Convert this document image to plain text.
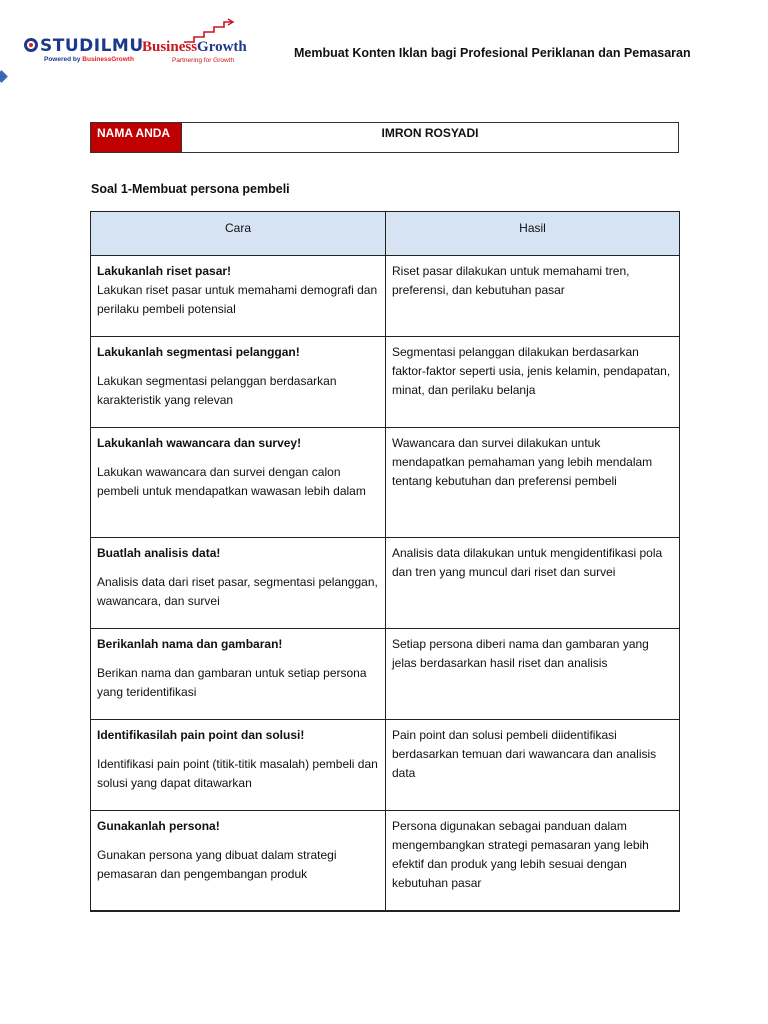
STUDILMU
Powered by BusinessGrowth
BusinessGrowth
Partnering for Growth
Membuat Konten Iklan bagi Profesional Periklanan dan Pemasaran
NAMA ANDA	IMRON ROSYADI
Soal 1-Membuat persona pembeli
Cara	Hasil

Lakukanlah riset pasar!
Lakukan riset pasar untuk memahami demografi dan perilaku pembeli potensial	Riset pasar dilakukan untuk memahami tren, preferensi, dan kebutuhan pasar

Lakukanlah segmentasi pelanggan!
Lakukan segmentasi pelanggan berdasarkan karakteristik yang relevan	Segmentasi pelanggan dilakukan berdasarkan faktor-faktor seperti usia, jenis kelamin, pendapatan, minat, dan perilaku belanja

Lakukanlah wawancara dan survey!
Lakukan wawancara dan survei dengan calon pembeli untuk mendapatkan wawasan lebih dalam	Wawancara dan survei dilakukan untuk mendapatkan pemahaman yang lebih mendalam tentang kebutuhan dan preferensi pembeli

Buatlah analisis data!
Analisis data dari riset pasar, segmentasi pelanggan, wawancara, dan survei	Analisis data dilakukan untuk mengidentifikasi pola dan tren yang muncul dari riset dan survei

Berikanlah nama dan gambaran!
Berikan nama dan gambaran untuk setiap persona yang teridentifikasi	Setiap persona diberi nama dan gambaran yang jelas berdasarkan hasil riset dan analisis

Identifikasilah pain point dan solusi!
Identifikasi pain point (titik-titik masalah) pembeli dan solusi yang dapat ditawarkan	Pain point dan solusi pembeli diidentifikasi berdasarkan temuan dari wawancara dan analisis data

Gunakanlah persona!
Gunakan persona yang dibuat dalam strategi pemasaran dan pengembangan produk	Persona digunakan sebagai panduan dalam mengembangkan strategi pemasaran yang lebih efektif dan produk yang lebih sesuai dengan kebutuhan pasar
